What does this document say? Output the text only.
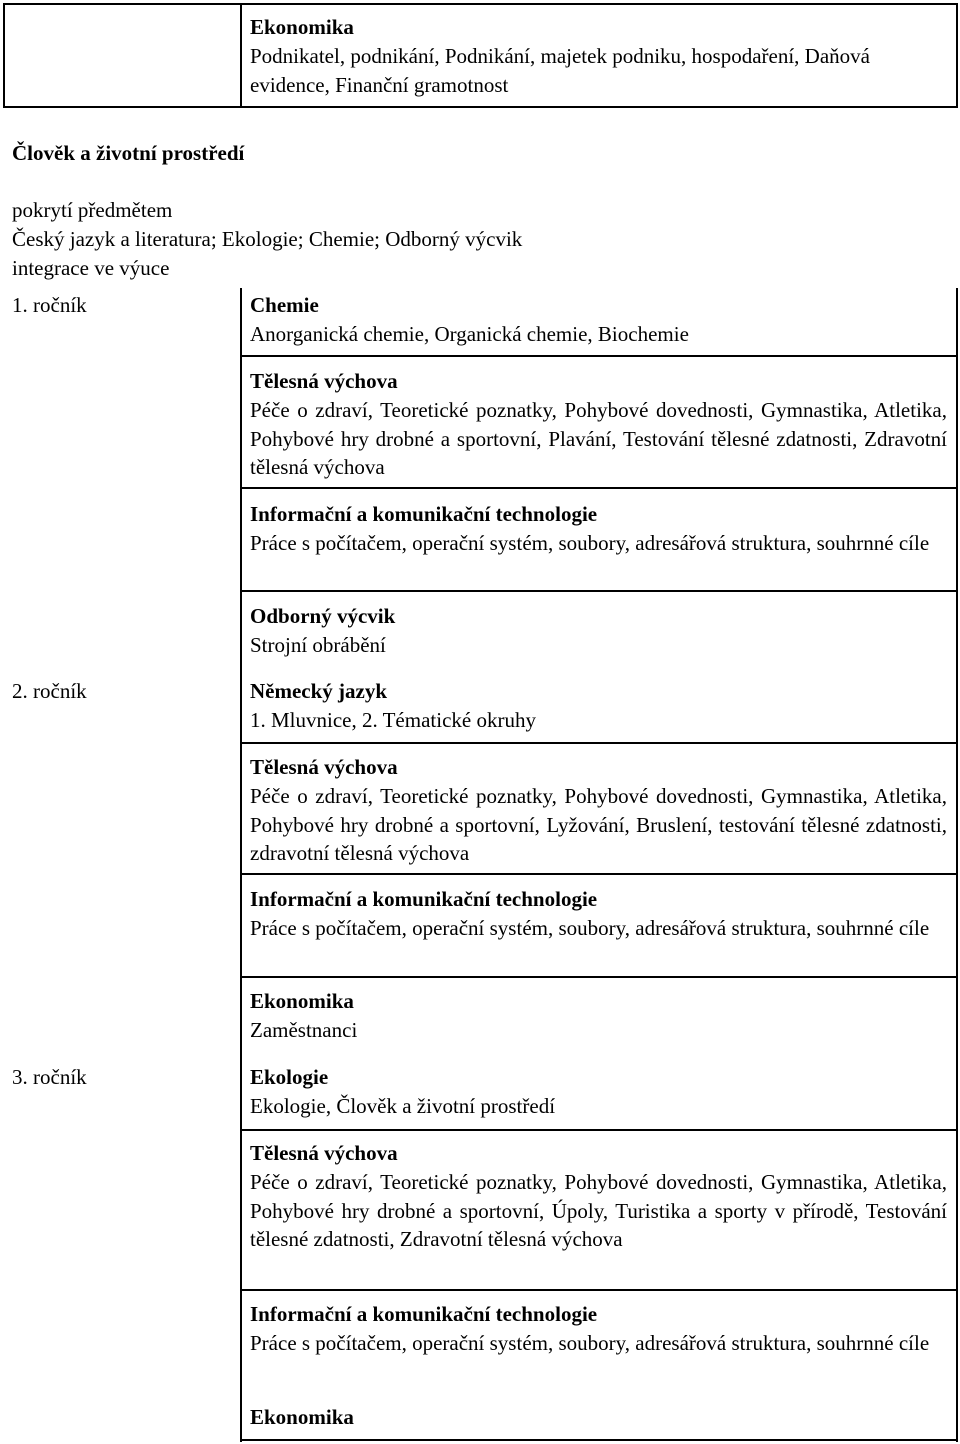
Ekonomika
Podnikatel, podnikání, Podnikání, majetek podniku, hospodaření, Daňová evidence, Finanční gramotnost
Člověk a životní prostředí
pokrytí předmětem
Český jazyk a literatura; Ekologie; Chemie; Odborný výcvik
integrace ve výuce
1. ročník	Chemie
Anorganická chemie, Organická chemie, Biochemie
Tělesná výchova
Péče o zdraví, Teoretické poznatky, Pohybové dovednosti, Gymnastika, Atletika, Pohybové hry drobné a sportovní, Plavání, Testování tělesné zdatnosti, Zdravotní tělesná výchova
Informační a komunikační technologie
Práce s počítačem, operační systém, soubory, adresářová struktura, souhrnné cíle
Odborný výcvik
Strojní obrábění
2. ročník	Německý jazyk
1. Mluvnice, 2. Tématické okruhy
Tělesná výchova
Péče o zdraví, Teoretické poznatky, Pohybové dovednosti, Gymnastika, Atletika, Pohybové hry drobné a sportovní, Lyžování, Bruslení, testování tělesné zdatnosti, zdravotní tělesná výchova
Informační a komunikační technologie
Práce s počítačem, operační systém, soubory, adresářová struktura, souhrnné cíle
Ekonomika
Zaměstnanci
3. ročník	Ekologie
Ekologie, Člověk a životní prostředí
Tělesná výchova
Péče o zdraví, Teoretické poznatky, Pohybové dovednosti, Gymnastika, Atletika, Pohybové hry drobné a sportovní, Úpoly, Turistika a sporty v přírodě, Testování tělesné zdatnosti, Zdravotní tělesná výchova
Informační a komunikační technologie
Práce s počítačem, operační systém, soubory, adresářová struktura, souhrnné cíle
Ekonomika
